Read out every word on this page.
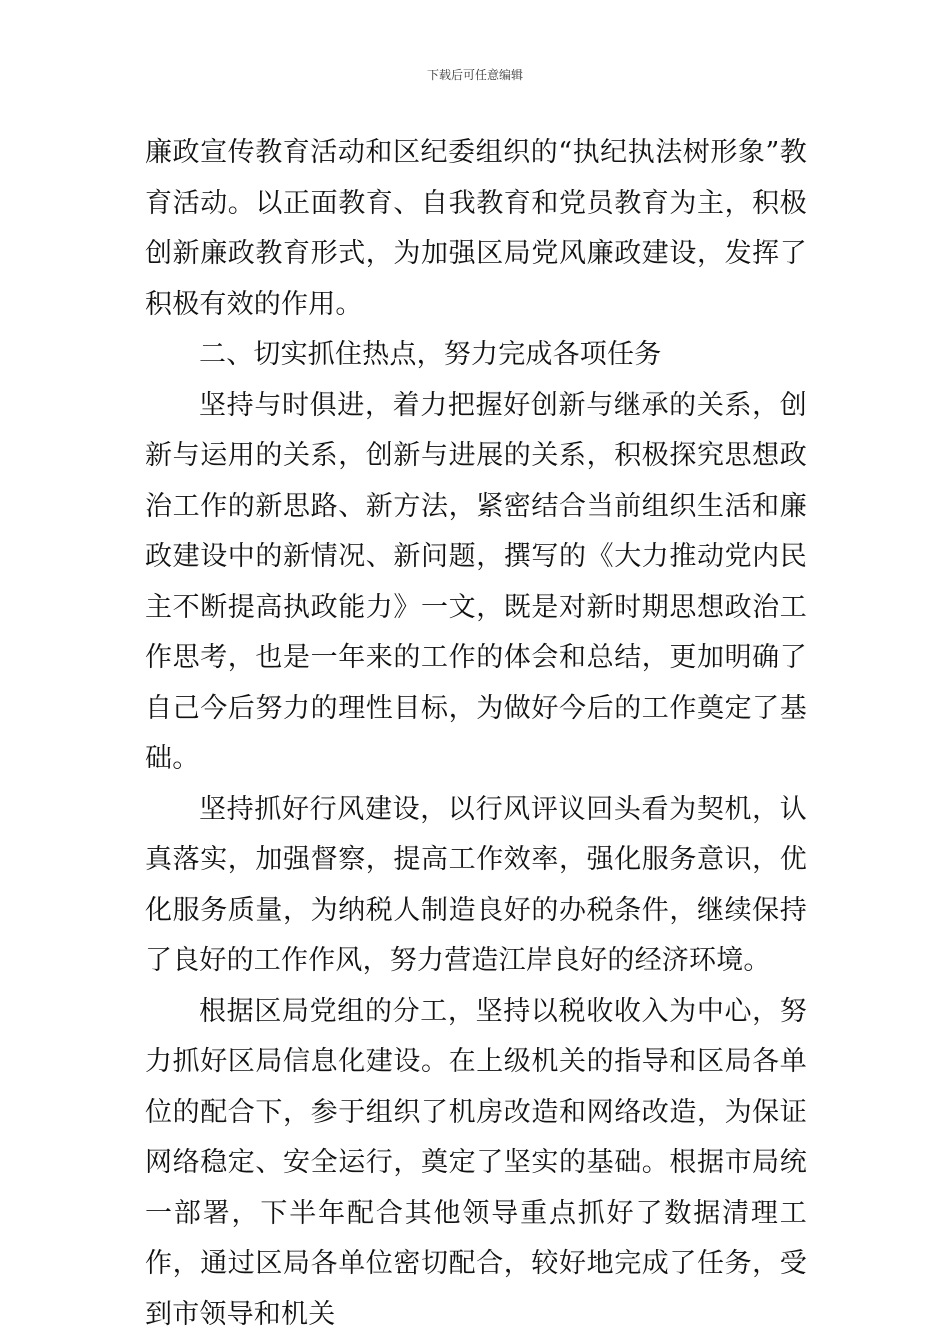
下载后可任意编辑

廉政宣传教育活动和区纪委组织的“执纪执法树形象”教育活动。以正面教育、自我教育和党员教育为主，积极创新廉政教育形式，为加强区局党风廉政建设，发挥了积极有效的作用。

二、切实抓住热点，努力完成各项任务

坚持与时俱进，着力把握好创新与继承的关系，创新与运用的关系，创新与进展的关系，积极探究思想政治工作的新思路、新方法，紧密结合当前组织生活和廉政建设中的新情况、新问题，撰写的《大力推动党内民主不断提高执政能力》一文，既是对新时期思想政治工作思考，也是一年来的工作的体会和总结，更加明确了自己今后努力的理性目标，为做好今后的工作奠定了基础。

坚持抓好行风建设，以行风评议回头看为契机，认真落实，加强督察，提高工作效率，强化服务意识，优化服务质量，为纳税人制造良好的办税条件，继续保持了良好的工作作风，努力营造江岸良好的经济环境。

根据区局党组的分工，坚持以税收收入为中心，努力抓好区局信息化建设。在上级机关的指导和区局各单位的配合下，参于组织了机房改造和网络改造，为保证网络稳定、安全运行，奠定了坚实的基础。根据市局统一部署，下半年配合其他领导重点抓好了数据清理工作，通过区局各单位密切配合，较好地完成了任务，受到市领导和机关
